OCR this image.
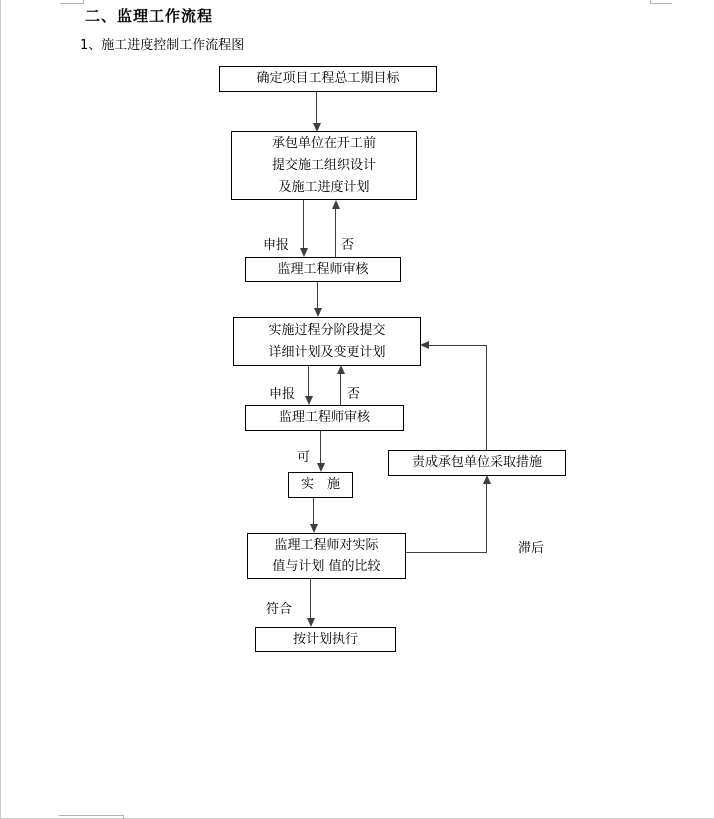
二、监理工作流程
1、施工进度控制工作流程图
确定项目工程总工期目标
承包单位在开工前
提交施工组织设计
及施工进度计划
监理工程师审核
实施过程分阶段提交
详细计划及变更计划
监理工程师审核
实　施
责成承包单位采取措施
监理工程师对实际
值与计划 值的比较
按计划执行
申报	否
申报	否
可
符合
滞后
